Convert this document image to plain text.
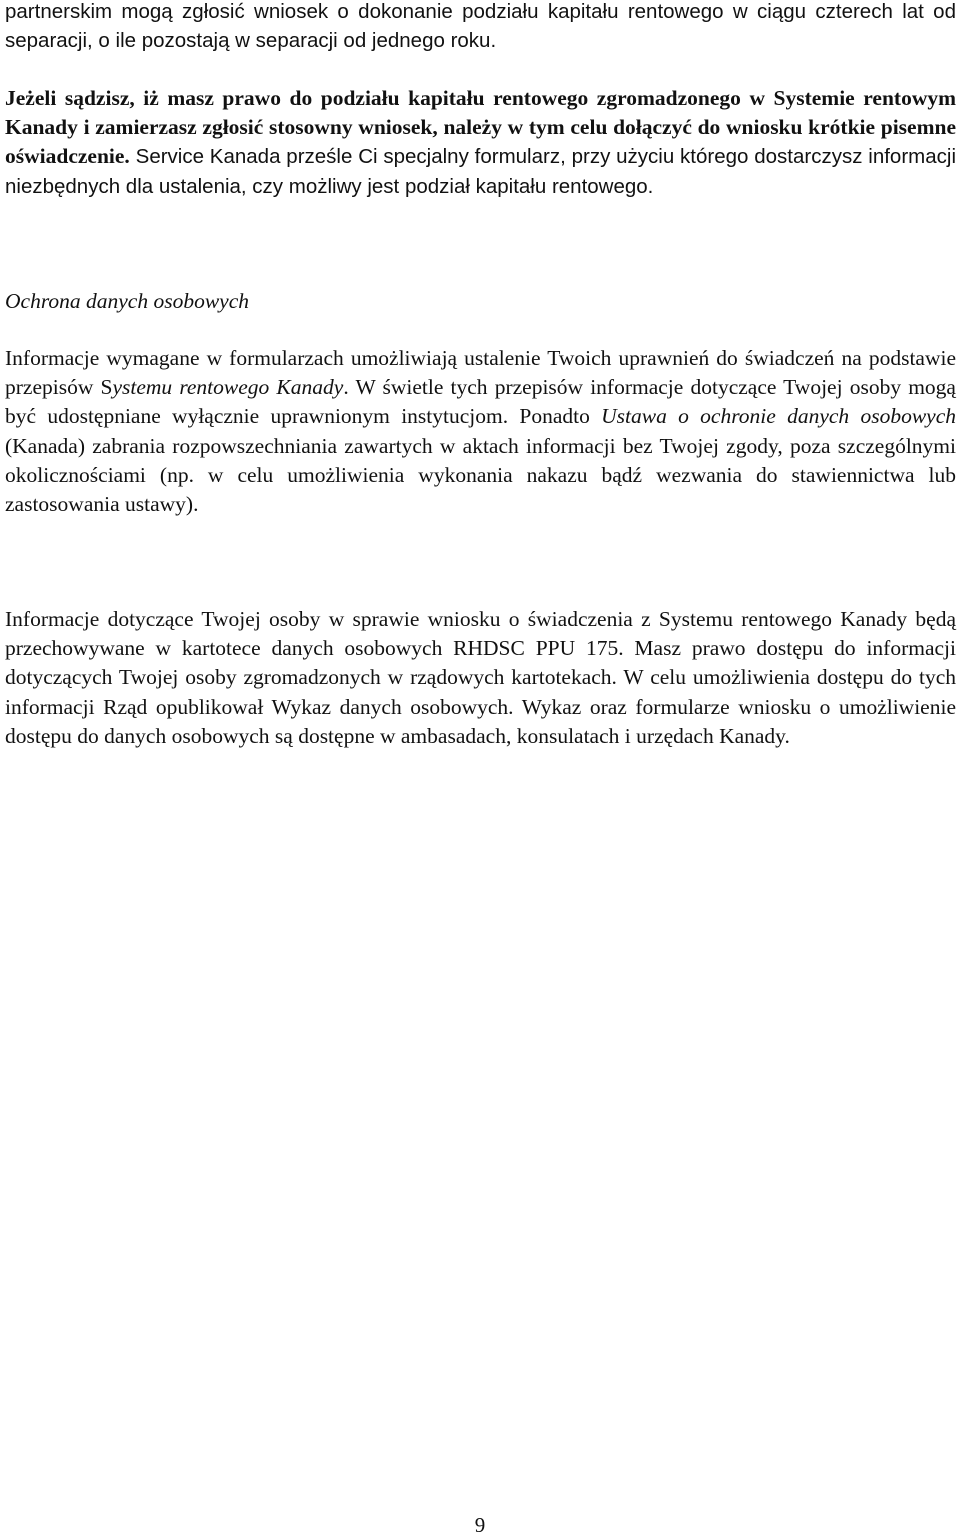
partnerskim mogą zgłosić wniosek o dokonanie podziału kapitału rentowego w ciągu czterech lat od separacji, o ile pozostają w separacji od jednego roku.

Jeżeli sądzisz, iż masz prawo do podziału kapitału rentowego zgromadzonego w Systemie rentowym Kanady i zamierzasz zgłosić stosowny wniosek, należy w tym celu dołączyć do wniosku krótkie pisemne oświadczenie. Service Kanada prześle Ci specjalny formularz, przy użyciu którego dostarczysz informacji niezbędnych dla ustalenia, czy możliwy jest podział kapitału rentowego.

Ochrona danych osobowych

Informacje wymagane w formularzach umożliwiają ustalenie Twoich uprawnień do świadczeń na podstawie przepisów Systemu rentowego Kanady. W świetle tych przepisów informacje dotyczące Twojej osoby mogą być udostępniane wyłącznie uprawnionym instytucjom. Ponadto Ustawa o ochronie danych osobowych (Kanada) zabrania rozpowszechniania zawartych w aktach informacji bez Twojej zgody, poza szczególnymi okolicznościami (np. w celu umożliwienia wykonania nakazu bądź wezwania do stawiennictwa lub zastosowania ustawy).

Informacje dotyczące Twojej osoby w sprawie wniosku o świadczenia z Systemu rentowego Kanady będą przechowywane w kartotece danych osobowych RHDSC PPU 175. Masz prawo dostępu do informacji dotyczących Twojej osoby zgromadzonych w rządowych kartotekach. W celu umożliwienia dostępu do tych informacji Rząd opublikował Wykaz danych osobowych. Wykaz oraz formularze wniosku o umożliwienie dostępu do danych osobowych są dostępne w ambasadach, konsulatach i urzędach Kanady.

9
